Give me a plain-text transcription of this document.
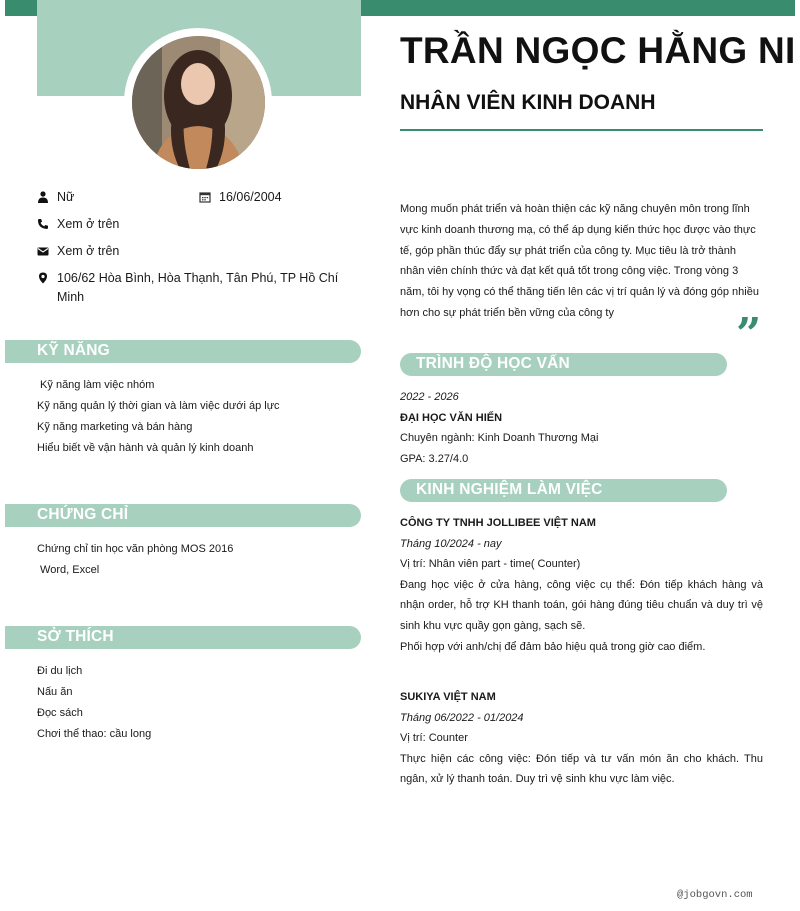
TRẦN NGỌC HẰNG NI
NHÂN VIÊN KINH DOANH
Nữ	16/06/2004
Xem ở trên
Xem ở trên
106/62 Hòa Bình, Hòa Thạnh, Tân Phú, TP Hồ Chí Minh
KỸ NĂNG
Kỹ năng làm việc nhóm
Kỹ năng quản lý thời gian và làm việc dưới áp lực
Kỹ năng marketing và bán hàng
Hiểu biết về vận hành và quản lý kinh doanh
CHỨNG CHỈ
Chứng chỉ tin học văn phòng MOS 2016
Word, Excel
SỞ THÍCH
Đi du lịch
Nấu ăn
Đọc sách
Chơi thể thao: cầu long
Mong muốn phát triển và hoàn thiện các kỹ năng chuyên môn trong lĩnh vực kinh doanh thương mạ, có thể áp dụng kiến thức học được vào thực tế, góp phần thúc đẩy sự phát triển của công ty. Mục tiêu là trở thành nhân viên chính thức và đạt kết quả tốt trong công việc. Trong vòng 3 năm, tôi hy vọng có thể thăng tiến lên các vị trí quản lý và đóng góp nhiều hơn cho sự phát triển bền vững của công ty	”
TRÌNH ĐỘ HỌC VẤN
2022 - 2026
ĐẠI HỌC VĂN HIẾN
Chuyên ngành: Kinh Doanh Thương Mại
GPA: 3.27/4.0
KINH NGHIỆM LÀM VIỆC
CÔNG TY TNHH JOLLIBEE VIỆT NAM
Tháng 10/2024 - nay
Vị trí: Nhân viên part - time( Counter)
Đang học việc ở cửa hàng, công việc cụ thể: Đón tiếp khách hàng và nhận order, hỗ trợ KH thanh toán, gói hàng đúng tiêu chuẩn và duy trì vệ sinh khu vực quầy gọn gàng, sạch sẽ.
Phối hợp với anh/chị để đảm bảo hiệu quả trong giờ cao điểm.
SUKIYA VIỆT NAM
Tháng 06/2022 - 01/2024
Vị trí: Counter
Thực hiện các công việc: Đón tiếp và tư vấn món ăn cho khách. Thu ngân, xử lý thanh toán. Duy trì vệ sinh khu vực làm việc.
@jobgovn.com
